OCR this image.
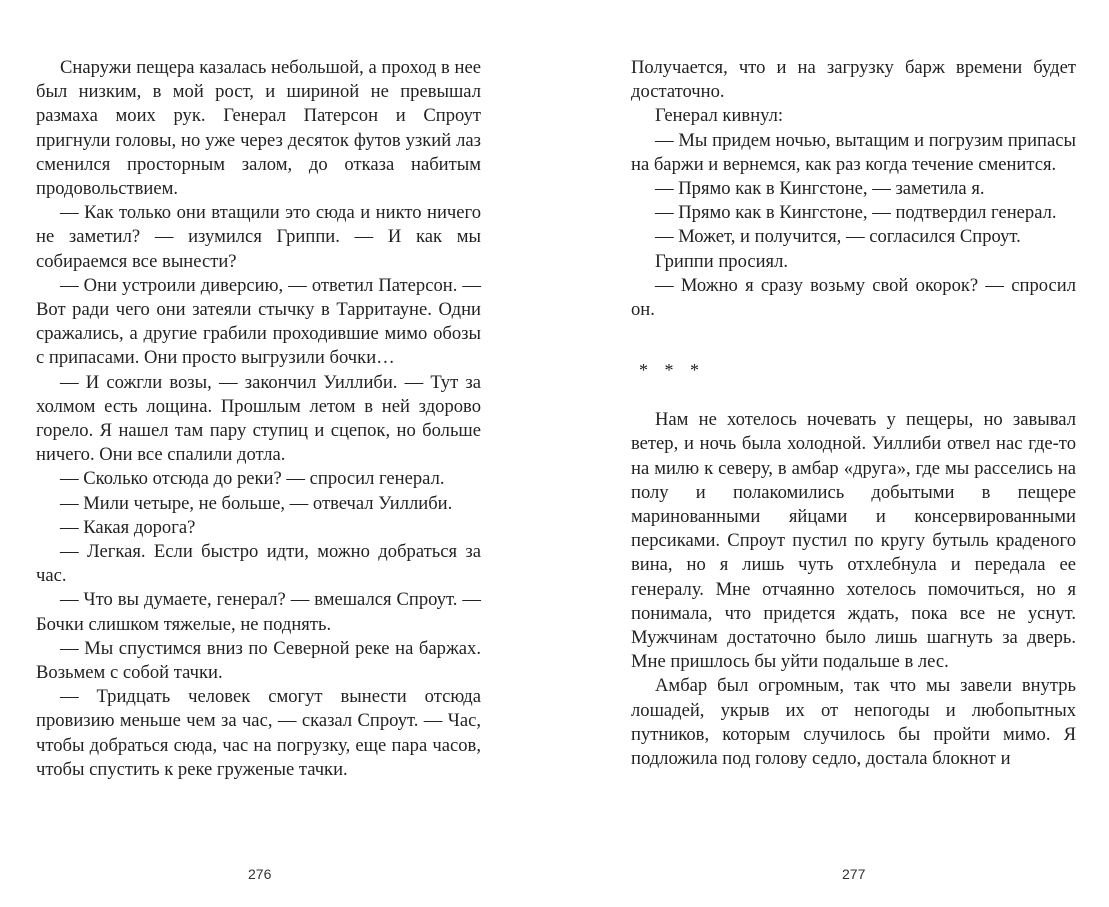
Снаружи пещера казалась небольшой, а проход в нее был низким, в мой рост, и шириной не превышал размаха моих рук. Генерал Патерсон и Спроут пригнули головы, но уже через десяток футов узкий лаз сменился просторным залом, до отказа набитым продовольствием.

— Как только они втащили это сюда и никто ничего не заметил? — изумился Гриппи. — И как мы собираемся все вынести?

— Они устроили диверсию, — ответил Патерсон. — Вот ради чего они затеяли стычку в Тарритауне. Одни сражались, а другие грабили проходившие мимо обозы с припасами. Они просто выгрузили бочки…

— И сожгли возы, — закончил Уиллиби. — Тут за холмом есть лощина. Прошлым летом в ней здорово горело. Я нашел там пару ступиц и сцепок, но больше ничего. Они все спалили дотла.

— Сколько отсюда до реки? — спросил генерал.

— Мили четыре, не больше, — отвечал Уиллиби.

— Какая дорога?

— Легкая. Если быстро идти, можно добраться за час.

— Что вы думаете, генерал? — вмешался Спроут. — Бочки слишком тяжелые, не поднять.

— Мы спустимся вниз по Северной реке на баржах. Возьмем с собой тачки.

— Тридцать человек смогут вынести отсюда провизию меньше чем за час, — сказал Спроут. — Час, чтобы добраться сюда, час на погрузку, еще пара часов, чтобы спустить к реке груженые тачки.

Получается, что и на загрузку барж времени будет достаточно.

Генерал кивнул:

— Мы придем ночью, вытащим и погрузим припасы на баржи и вернемся, как раз когда течение сменится.

— Прямо как в Кингстоне, — заметила я.

— Прямо как в Кингстоне, — подтвердил генерал.

— Может, и получится, — согласился Спроут.

Гриппи просиял.

— Можно я сразу возьму свой окорок? — спросил он.

* * *

Нам не хотелось ночевать у пещеры, но завывал ветер, и ночь была холодной. Уиллиби отвел нас где-то на милю к северу, в амбар «друга», где мы расселись на полу и полакомились добытыми в пещере маринованными яйцами и консервированными персиками. Спроут пустил по кругу бутыль краденого вина, но я лишь чуть отхлебнула и передала ее генералу. Мне отчаянно хотелось помочиться, но я понимала, что придется ждать, пока все не уснут. Мужчинам достаточно было лишь шагнуть за дверь. Мне пришлось бы уйти подальше в лес.

Амбар был огромным, так что мы завели внутрь лошадей, укрыв их от непогоды и любопытных путников, которым случилось бы пройти мимо. Я подложила под голову седло, достала блокнот и

276	277
